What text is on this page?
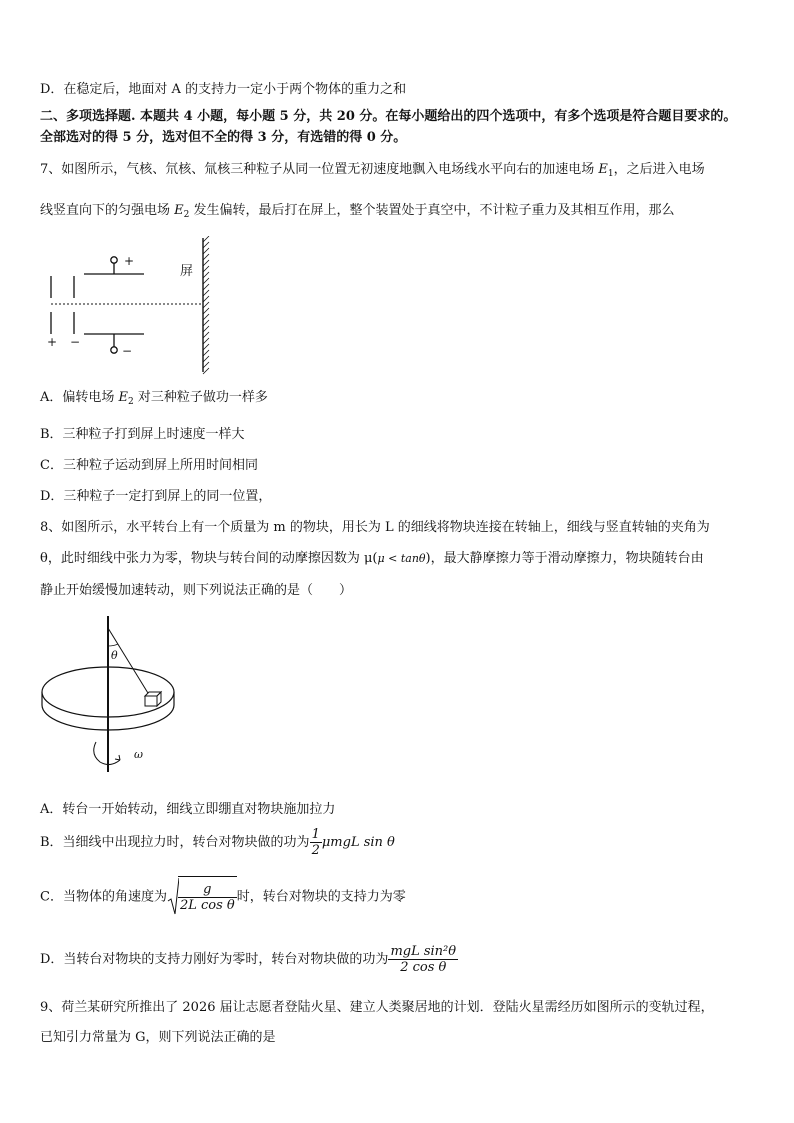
D．在稳定后，地面对 A 的支持力一定小于两个物体的重力之和
二、多项选择题. 本题共 4 小题，每小题 5 分，共 20 分。在每小题给出的四个选项中，有多个选项是符合题目要求的。
全部选对的得 5 分，选对但不全的得 3 分，有选错的得 0 分。
7、如图所示，气核、氘核、氚核三种粒子从同一位置无初速度地飘入电场线水平向右的加速电场 $E_1$，之后进入电场
线竖直向下的匀强电场 $E_2$ 发生偏转，最后打在屏上，整个装置处于真空中，不计粒子重力及其相互作用，那么
+
−
+ −
屏
A．偏转电场 $E_2$ 对三种粒子做功一样多
B．三种粒子打到屏上时速度一样大
C．三种粒子运动到屏上所用时间相同
D．三种粒子一定打到屏上的同一位置，
8、如图所示，水平转台上有一个质量为 m 的物块，用长为 L 的细线将物块连接在转轴上，细线与竖直转轴的夹角为
θ，此时细线中张力为零，物块与转台间的动摩擦因数为 μ(μ < tanθ)，最大静摩擦力等于滑动摩擦力，物块随转台由
静止开始缓慢加速转动，则下列说法正确的是（　　）
θ
ω
A．转台一开始转动，细线立即绷直对物块施加拉力
B．当细线中出现拉力时，转台对物块做的功为 $\frac{1}{2}$ μmgL sin θ
C．当物体的角速度为 $\frac{g}{\text{2L cos θ}}$ 时，转台对物块的支持力为零
D．当转台对物块的支持力刚好为零时，转台对物块做的功为 $\frac{\text{mgL sin²θ}}{\text{2 cos θ}}$
9、荷兰某研究所推出了 2026 届让志愿者登陆火星、建立人类聚居地的计划．登陆火星需经历如图所示的变轨过程，
已知引力常量为 G，则下列说法正确的是
